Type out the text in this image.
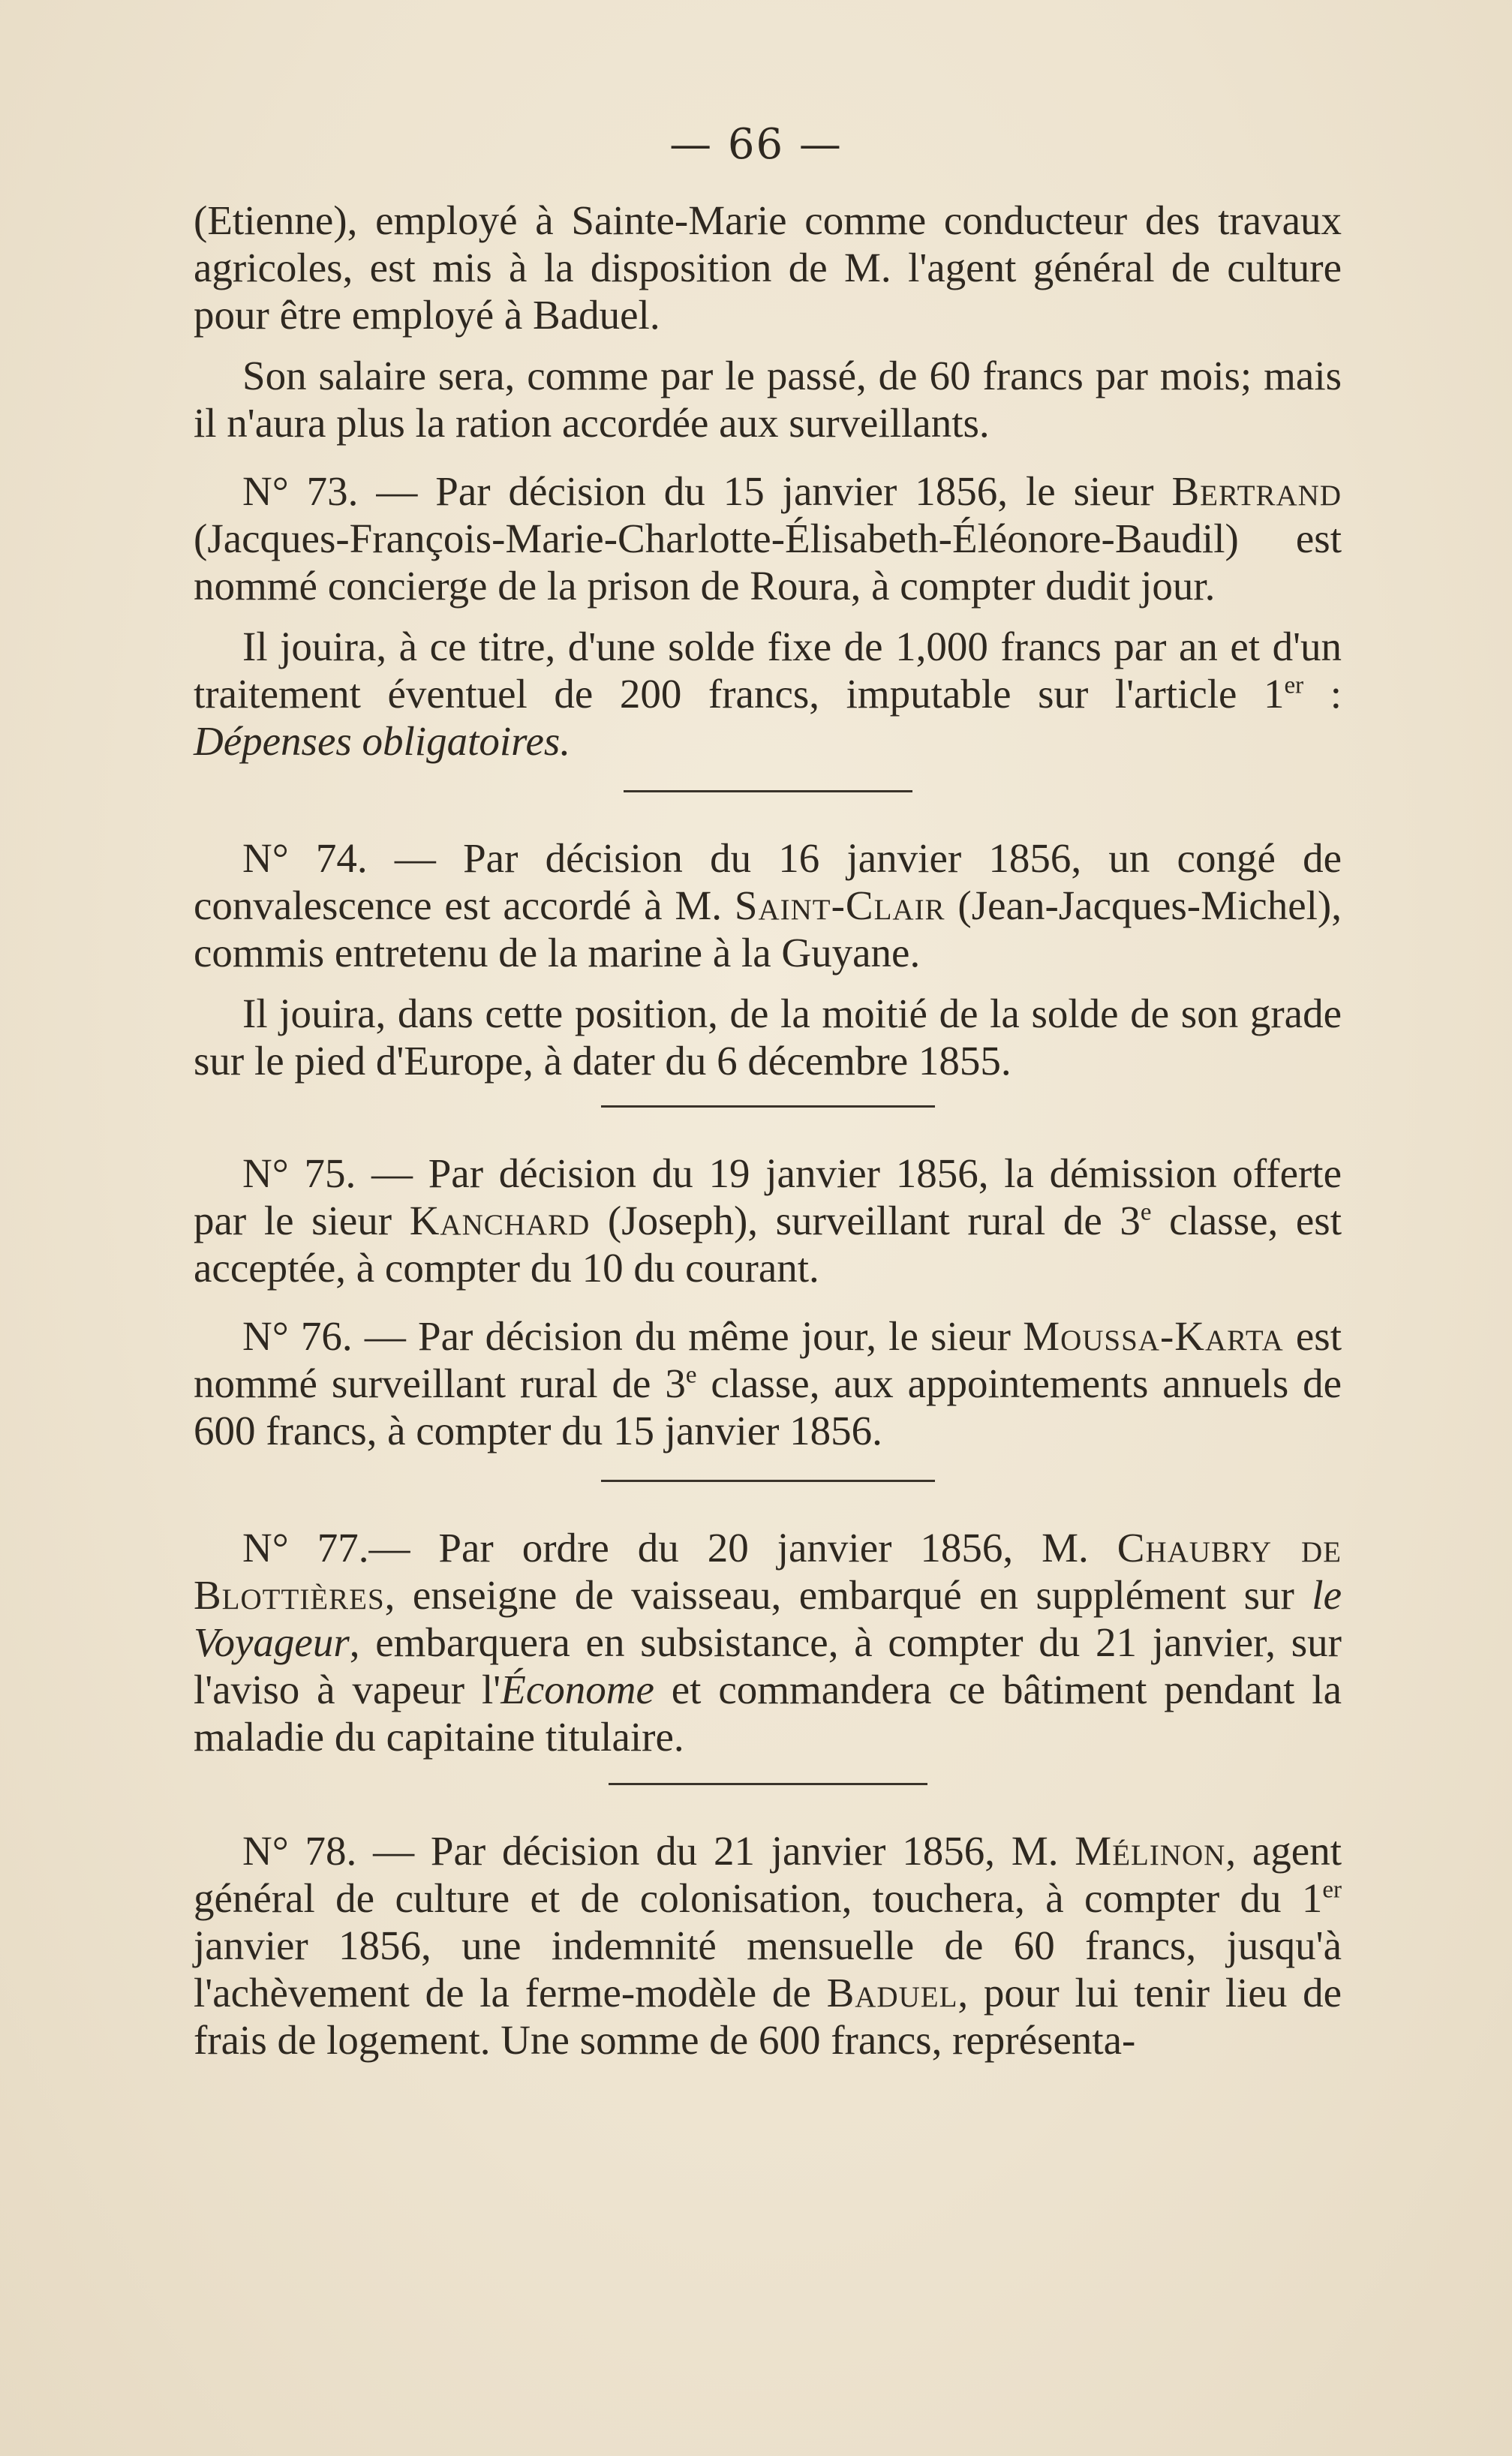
— 66 —

(Etienne), employé à Sainte-Marie comme conducteur des travaux agricoles, est mis à la disposition de M. l'agent général de culture pour être employé à Baduel.

Son salaire sera, comme par le passé, de 60 francs par mois; mais il n'aura plus la ration accordée aux surveillants.

N° 73. — Par décision du 15 janvier 1856, le sieur Bertrand (Jacques-François-Marie-Charlotte-Élisabeth-Éléonore-Baudil) est nommé concierge de la prison de Roura, à compter dudit jour.

Il jouira, à ce titre, d'une solde fixe de 1,000 francs par an et d'un traitement éventuel de 200 francs, imputable sur l'article 1er : Dépenses obligatoires.

N° 74. — Par décision du 16 janvier 1856, un congé de convalescence est accordé à M. Saint-Clair (Jean-Jacques-Michel), commis entretenu de la marine à la Guyane.

Il jouira, dans cette position, de la moitié de la solde de son grade sur le pied d'Europe, à dater du 6 décembre 1855.

N° 75. — Par décision du 19 janvier 1856, la démission offerte par le sieur Kanchard (Joseph), surveillant rural de 3e classe, est acceptée, à compter du 10 du courant.

N° 76. — Par décision du même jour, le sieur Moussa-Karta est nommé surveillant rural de 3e classe, aux appointements annuels de 600 francs, à compter du 15 janvier 1856.

N° 77.— Par ordre du 20 janvier 1856, M. Chaubry de Blottières, enseigne de vaisseau, embarqué en supplément sur le Voyageur, embarquera en subsistance, à compter du 21 janvier, sur l'aviso à vapeur l'Économe et commandera ce bâtiment pendant la maladie du capitaine titulaire.

N° 78. — Par décision du 21 janvier 1856, M. Mélinon, agent général de culture et de colonisation, touchera, à compter du 1er janvier 1856, une indemnité mensuelle de 60 francs, jusqu'à l'achèvement de la ferme-modèle de Baduel, pour lui tenir lieu de frais de logement. Une somme de 600 francs, représenta-
